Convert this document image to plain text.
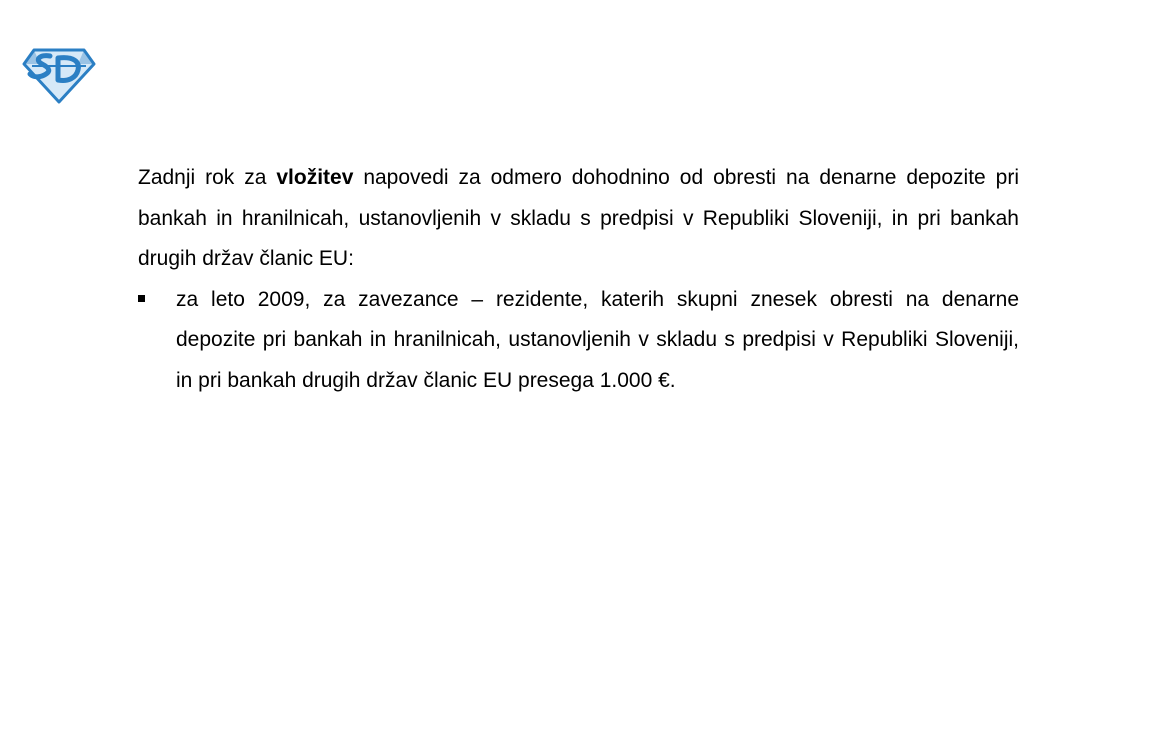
Zadnji rok za vložitev napovedi za odmero dohodnino od obresti na denarne depozite pri bankah in hranilnicah, ustanovljenih v skladu s predpisi v Republiki Sloveniji, in pri bankah drugih držav članic EU:

za leto 2009, za zavezance – rezidente, katerih skupni znesek obresti na denarne depozite pri bankah in hranilnicah, ustanovljenih v skladu s predpisi v Republiki Sloveniji, in pri bankah drugih držav članic EU presega 1.000 €.
